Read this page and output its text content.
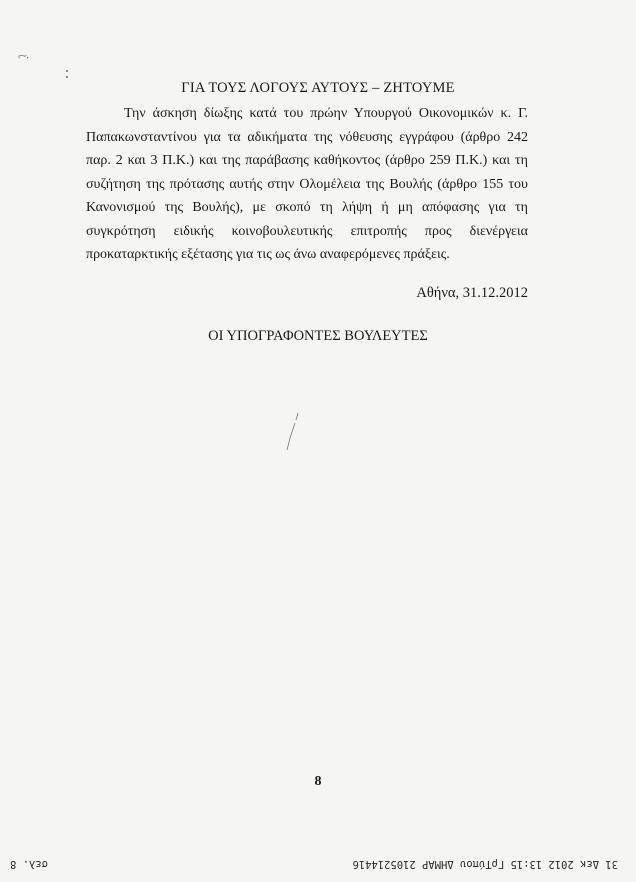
⌐-.
ΓΙΑ ΤΟΥΣ ΛΟΓΟΥΣ ΑΥΤΟΥΣ – ΖΗΤΟΥΜΕ

Την άσκηση δίωξης κατά του πρώην Υπουργού Οικονομικών κ. Γ. Παπακωνσταντίνου για τα αδικήματα της νόθευσης εγγράφου (άρθρο 242 παρ. 2 και 3 Π.Κ.) και της παράβασης καθήκοντος (άρθρο 259 Π.Κ.) και τη συζήτηση της πρότασης αυτής στην Ολομέλεια της Βουλής (άρθρο 155 του Κανονισμού της Βουλής), με σκοπό τη λήψη ή μη απόφασης για τη συγκρότηση ειδικής κοινοβουλευτικής επιτροπής προς διενέργεια προκαταρκτικής εξέτασης για τις ως άνω αναφερόμενες πράξεις.

Αθήνα, 31.12.2012
ΟΙ ΥΠΟΓΡΑΦΟΝΤΕΣ ΒΟΥΛΕΥΤΕΣ
8
31 Δεκ 2012 13:15 ΓρΤύπου ΔΗΜΑΡ 2105214416
σελ. 8
